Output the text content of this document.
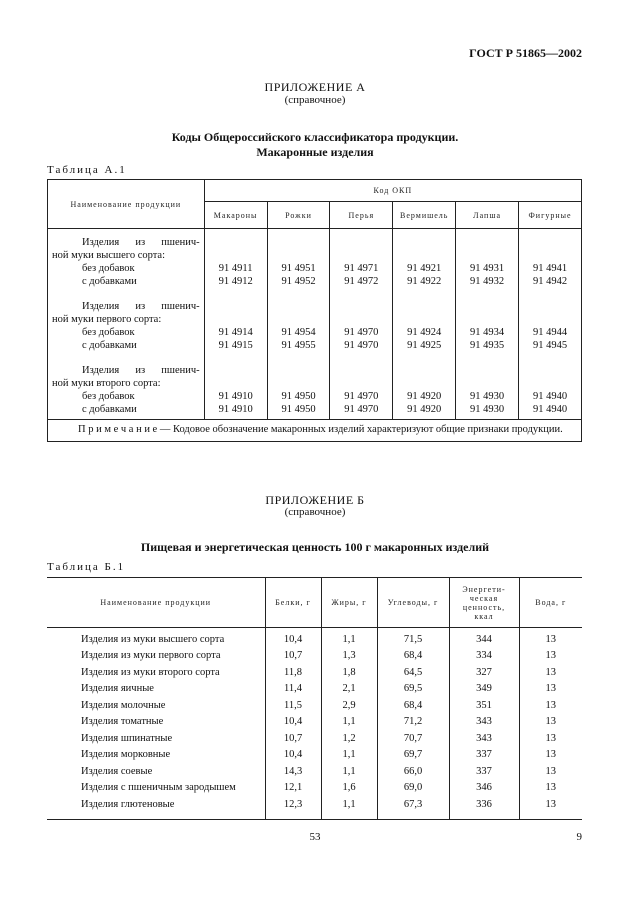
ГОСТ Р 51865—2002
ПРИЛОЖЕНИЕ А
(справочное)
Коды Общероссийского классификатора продукции.
Макаронные изделия
Таблица А.1
Наименование продукции	Код ОКП					
	Макароны	Рожки	Перья	Вермишель	Лапша	Фигурные

Изделия из пшенич-						
ной муки высшего сорта:						
без добавок	91 4911	91 4951	91 4971	91 4921	91 4931	91 4941
с добавками	91 4912	91 4952	91 4972	91 4922	91 4932	91 4942

Изделия из пшенич-						
ной муки первого сорта:						
без добавок	91 4914	91 4954	91 4970	91 4924	91 4934	91 4944
с добавками	91 4915	91 4955	91 4970	91 4925	91 4935	91 4945

Изделия из пшенич-						
ной муки второго сорта:						
без добавок	91 4910	91 4950	91 4970	91 4920	91 4930	91 4940
с добавками	91 4910	91 4950	91 4970	91 4920	91 4930	91 4940

П р и м е ч а н и е — Кодовое обозначение макаронных изделий характеризуют общие признаки продукции.						
ПРИЛОЖЕНИЕ Б
(справочное)
Пищевая и энергетическая ценность 100 г макаронных изделий
Таблица Б.1
Наименование продукции	Белки, г	Жиры, г	Углеводы, г	Энергети-ческая ценность, ккал	Вода, г

Изделия из муки высшего сорта	10,4	1,1	71,5	344	13
Изделия из муки первого сорта	10,7	1,3	68,4	334	13
Изделия из муки второго сорта	11,8	1,8	64,5	327	13
Изделия яичные	11,4	2,1	69,5	349	13
Изделия молочные	11,5	2,9	68,4	351	13
Изделия томатные	10,4	1,1	71,2	343	13
Изделия шпинатные	10,7	1,2	70,7	343	13
Изделия морковные	10,4	1,1	69,7	337	13
Изделия соевые	14,3	1,1	66,0	337	13
Изделия с пшеничным зародышем	12,1	1,6	69,0	346	13
Изделия глютеновые	12,3	1,1	67,3	336	13

53	9
